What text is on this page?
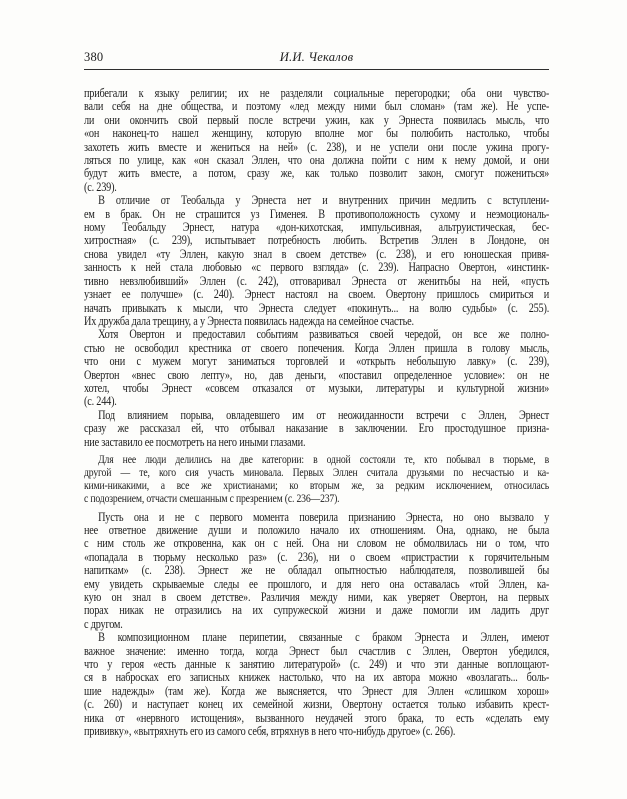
380	И.И. Чекалов
прибегали к языку религии; их не разделяли социальные перегородки; оба они чувство-
вали себя на дне общества, и поэтому «лед между ними был сломан» (там же). Не успе-
ли они окончить свой первый после встречи ужин, как у Эрнеста появилась мысль, что
«он наконец-то нашел женщину, которую вполне мог бы полюбить настолько, чтобы
захотеть жить вместе и жениться на ней» (с. 238), и не успели они после ужина прогу-
ляться по улице, как «он сказал Эллен, что она должна пойти с ним к нему домой, и они
будут жить вместе, а потом, сразу же, как только позволит закон, смогут пожениться»
(с. 239).
В отличие от Теобальда у Эрнеста нет и внутренних причин медлить с вступлени-
ем в брак. Он не страшится уз Гименея. В противоположность сухому и неэмоциональ-
ному Теобальду Эрнест, натура «дон-кихотская, импульсивная, альтруистическая, бес-
хитростная» (с. 239), испытывает потребность любить. Встретив Эллен в Лондоне, он
снова увидел «ту Эллен, какую знал в своем детстве» (с. 238), и его юношеская привя-
занность к ней стала любовью «с первого взгляда» (с. 239). Напрасно Овертон, «инстинк-
тивно невзлюбивший» Эллен (с. 242), отговаривал Эрнеста от женитьбы на ней, «пусть
узнает ее получше» (с. 240). Эрнест настоял на своем. Овертону пришлось смириться и
начать привыкать к мысли, что Эрнеста следует «покинуть... на волю судьбы» (с. 255).
Их дружба дала трещину, а у Эрнеста появилась надежда на семейное счастье.
Хотя Овертон и предоставил событиям развиваться своей чередой, он все же полно-
стью не освободил крестника от своего попечения. Когда Эллен пришла в голову мысль,
что они с мужем могут заниматься торговлей и «открыть небольшую лавку» (с. 239),
Овертон «внес свою лепту», но, дав деньги, «поставил определенное условие»: он не
хотел, чтобы Эрнест «совсем отказался от музыки, литературы и культурной жизни»
(с. 244).
Под влиянием порыва, овладевшего им от неожиданности встречи с Эллен, Эрнест
сразу же рассказал ей, что отбывал наказание в заключении. Его простодушное призна-
ние заставило ее посмотреть на него иными глазами.
Для нее люди делились на две категории: в одной состояли те, кто побывал в тюрьме, в
другой — те, кого сия участь миновала. Первых Эллен считала друзьями по несчастью и ка-
кими-никакими, а все же христианами; ко вторым же, за редким исключением, относилась
с подозрением, отчасти смешанным с презрением (с. 236—237).
Пусть она и не с первого момента поверила признанию Эрнеста, но оно вызвало у
нее ответное движение души и положило начало их отношениям. Она, однако, не была
с ним столь же откровенна, как он с ней. Она ни словом не обмолвилась ни о том, что
«попадала в тюрьму несколько раз» (с. 236), ни о своем «пристрастии к горячительным
напиткам» (с. 238). Эрнест же не обладал опытностью наблюдателя, позволившей бы
ему увидеть скрываемые следы ее прошлого, и для него она оставалась «той Эллен, ка-
кую он знал в своем детстве». Различия между ними, как уверяет Овертон, на первых
порах никак не отразились на их супружеской жизни и даже помогли им ладить друг
с другом.
В композиционном плане перипетии, связанные с браком Эрнеста и Эллен, имеют
важное значение: именно тогда, когда Эрнест был счастлив с Эллен, Овертон убедился,
что у героя «есть данные к занятию литературой» (с. 249) и что эти данные воплощают-
ся в набросках его записных книжек настолько, что на их автора можно «возлагать... боль-
шие надежды» (там же). Когда же выясняется, что Эрнест для Эллен «слишком хорош»
(с. 260) и наступает конец их семейной жизни, Овертону остается только избавить крест-
ника от «нервного истощения», вызванного неудачей этого брака, то есть «сделать ему
прививку», «вытряхнуть его из самого себя, втряхнув в него что-нибудь другое» (с. 266).
